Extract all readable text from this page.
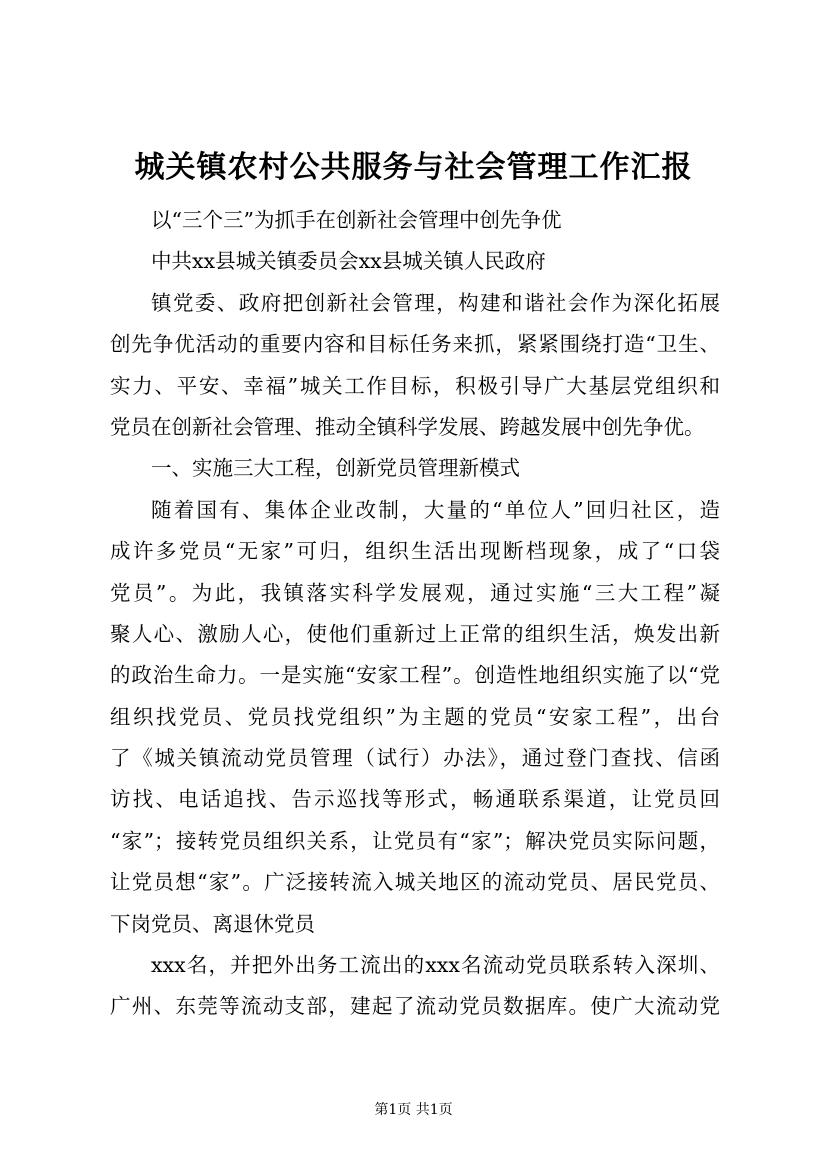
城关镇农村公共服务与社会管理工作汇报
以“三个三”为抓手在创新社会管理中创先争优
中共xx县城关镇委员会xx县城关镇人民政府
镇党委、政府把创新社会管理，构建和谐社会作为深化拓展
创先争优活动的重要内容和目标任务来抓，紧紧围绕打造“卫生、
实力、平安、幸福”城关工作目标，积极引导广大基层党组织和
党员在创新社会管理、推动全镇科学发展、跨越发展中创先争优。
一、实施三大工程，创新党员管理新模式
随着国有、集体企业改制，大量的“单位人”回归社区，造
成许多党员“无家”可归，组织生活出现断档现象，成了“口袋
党员”。为此，我镇落实科学发展观，通过实施“三大工程”凝
聚人心、激励人心，使他们重新过上正常的组织生活，焕发出新
的政治生命力。一是实施“安家工程”。创造性地组织实施了以“党
组织找党员、党员找党组织”为主题的党员“安家工程”，出台
了《城关镇流动党员管理（试行）办法》，通过登门查找、信函
访找、电话追找、告示巡找等形式，畅通联系渠道，让党员回
“家”；接转党员组织关系，让党员有“家”；解决党员实际问题，
让党员想“家”。广泛接转流入城关地区的流动党员、居民党员、
下岗党员、离退休党员
xxx名，并把外出务工流出的xxx名流动党员联系转入深圳、
广州、东莞等流动支部，建起了流动党员数据库。使广大流动党
第1页 共1页
